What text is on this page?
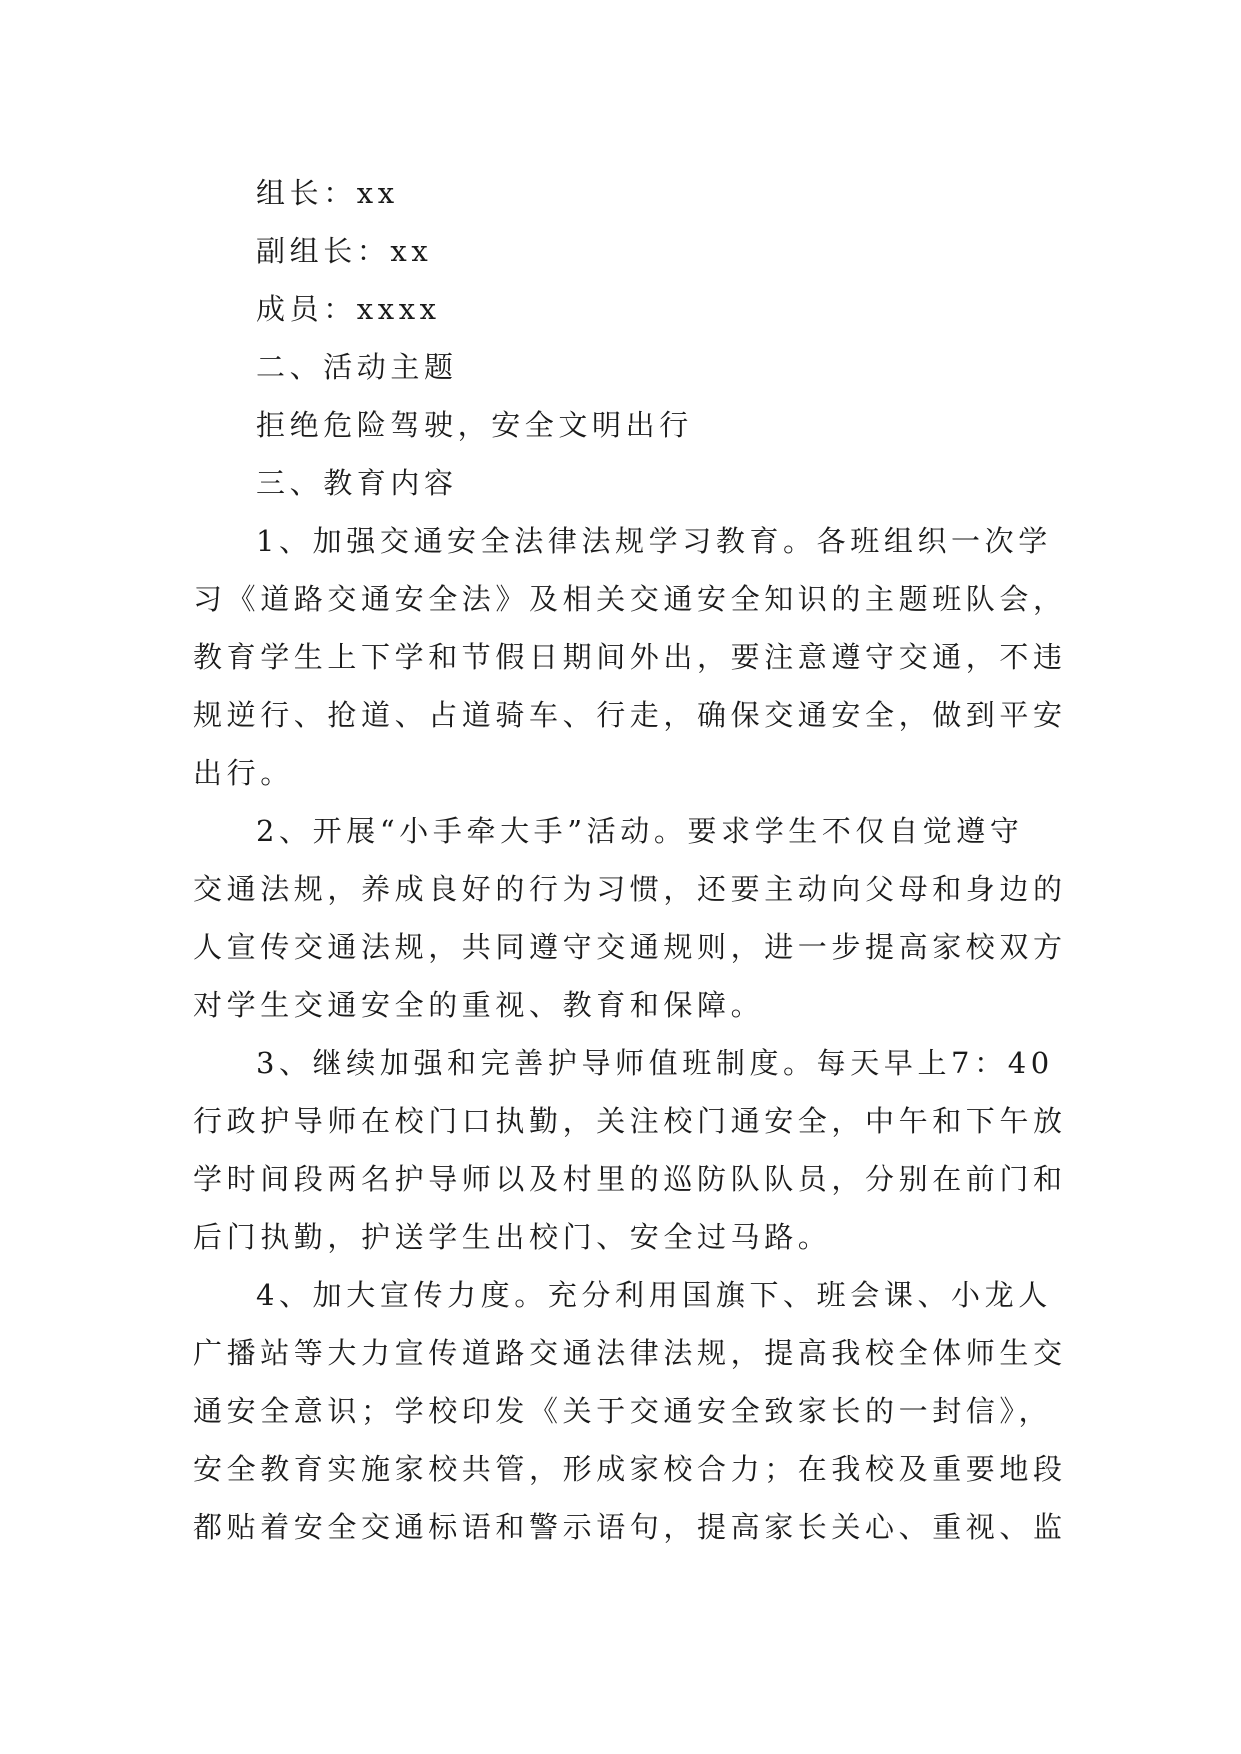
组长：xx
副组长：xx
成员：xxxx
二、活动主题
拒绝危险驾驶，安全文明出行
三、教育内容
1、加强交通安全法律法规学习教育。各班组织一次学
习《道路交通安全法》及相关交通安全知识的主题班队会，
教育学生上下学和节假日期间外出，要注意遵守交通，不违
规逆行、抢道、占道骑车、行走，确保交通安全，做到平安
出行。
2、开展“小手牵大手”活动。要求学生不仅自觉遵守
交通法规，养成良好的行为习惯，还要主动向父母和身边的
人宣传交通法规，共同遵守交通规则，进一步提高家校双方
对学生交通安全的重视、教育和保障。
3、继续加强和完善护导师值班制度。每天早上7：40
行政护导师在校门口执勤，关注校门通安全，中午和下午放
学时间段两名护导师以及村里的巡防队队员，分别在前门和
后门执勤，护送学生出校门、安全过马路。
4、加大宣传力度。充分利用国旗下、班会课、小龙人
广播站等大力宣传道路交通法律法规，提高我校全体师生交
通安全意识；学校印发《关于交通安全致家长的一封信》，
安全教育实施家校共管，形成家校合力；在我校及重要地段
都贴着安全交通标语和警示语句，提高家长关心、重视、监
